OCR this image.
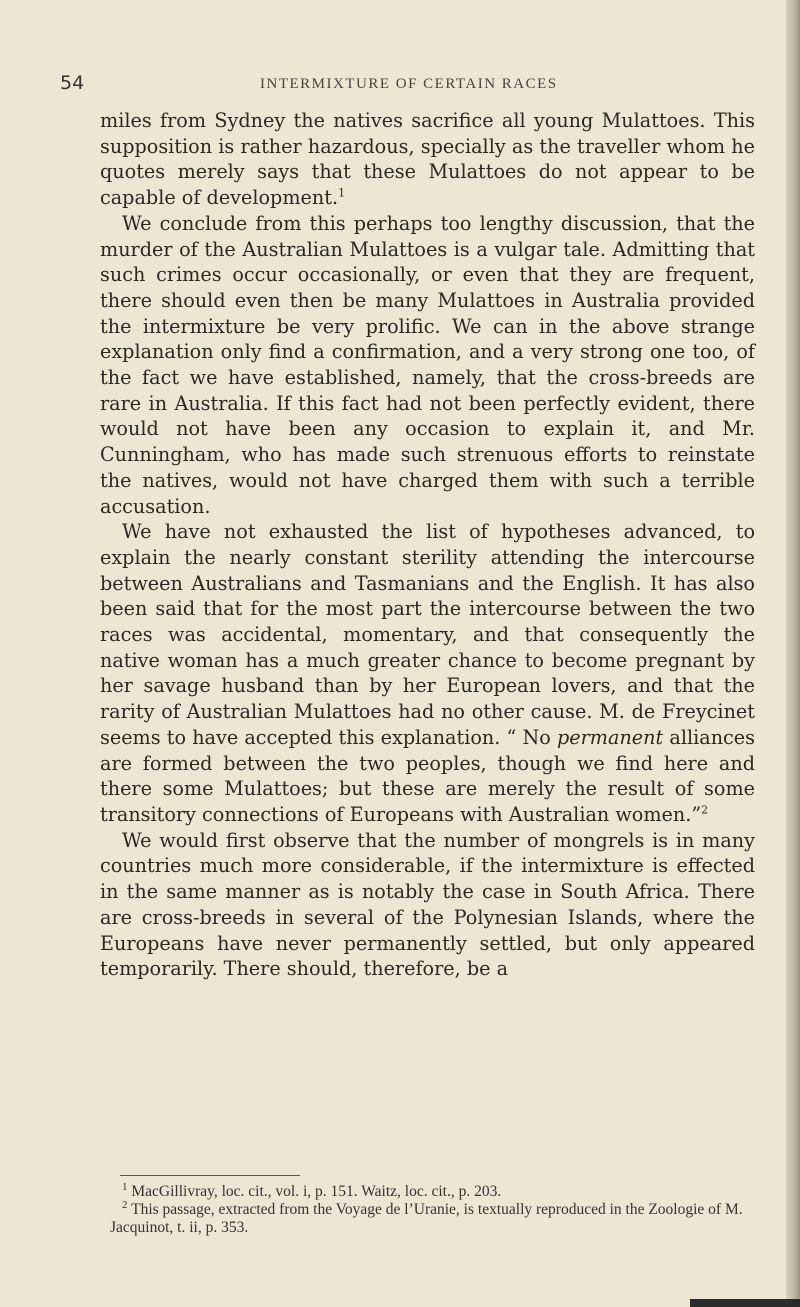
54	INTERMIXTURE OF CERTAIN RACES

miles from Sydney the natives sacrifice all young Mulattoes. This supposition is rather hazardous, specially as the traveller whom he quotes merely says that these Mulattoes do not appear to be capable of development.$^1$

We conclude from this perhaps too lengthy discussion, that the murder of the Australian Mulattoes is a vulgar tale. Admitting that such crimes occur occasionally, or even that they are frequent, there should even then be many Mulattoes in Australia provided the intermixture be very prolific. We can in the above strange explanation only find a confirmation, and a very strong one too, of the fact we have established, namely, that the cross-breeds are rare in Australia. If this fact had not been perfectly evident, there would not have been any occasion to explain it, and Mr. Cunningham, who has made such strenuous efforts to reinstate the natives, would not have charged them with such a terrible accusation.

We have not exhausted the list of hypotheses advanced, to explain the nearly constant sterility attending the intercourse between Australians and Tasmanians and the English. It has also been said that for the most part the intercourse between the two races was accidental, momentary, and that consequently the native woman has a much greater chance to become pregnant by her savage husband than by her European lovers, and that the rarity of Australian Mulattoes had no other cause. M. de Freycinet seems to have accepted this explanation. “ No permanent alliances are formed between the two peoples, though we find here and there some Mulattoes; but these are merely the result of some transitory connections of Europeans with Australian women.”$^2$

We would first observe that the number of mongrels is in many countries much more considerable, if the intermixture is effected in the same manner as is notably the case in South Africa. There are cross-breeds in several of the Polynesian Islands, where the Europeans have never permanently settled, but only appeared temporarily. There should, therefore, be a

$^1$ MacGillivray, loc. cit., vol. i, p. 151. Waitz, loc. cit., p. 203.

$^2$ This passage, extracted from the Voyage de l’Uranie, is textually reproduced in the Zoologie of M. Jacquinot, t. ii, p. 353.
